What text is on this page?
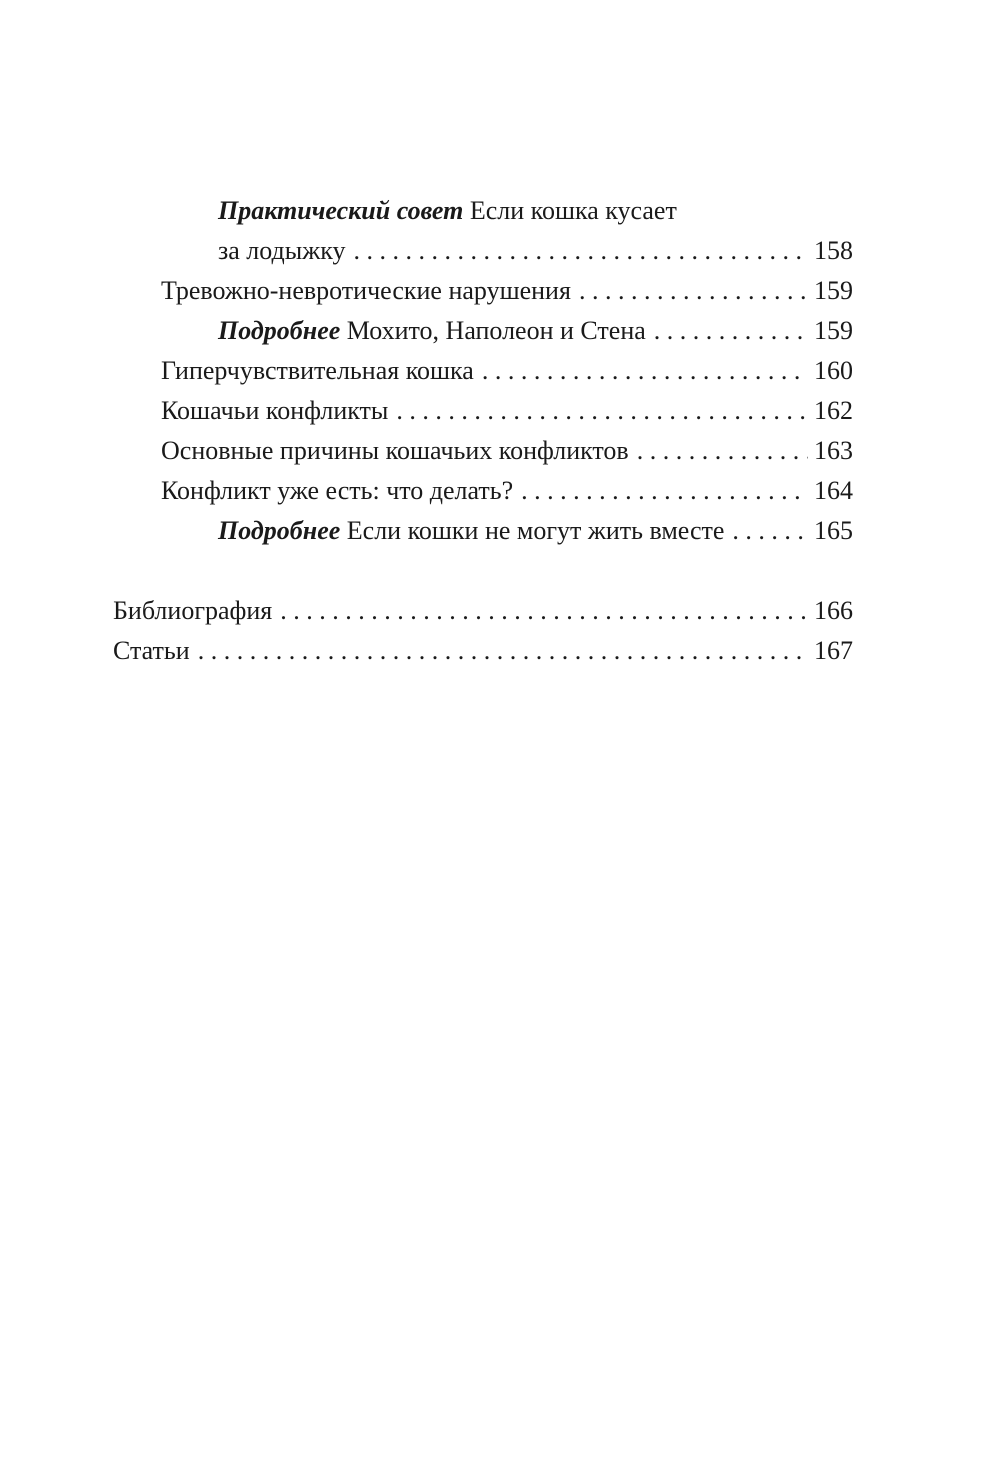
Практический совет Если кошка кусает
за лодыжку . . .	158
Тревожно-невротические нарушения . . .	159
Подробнее Мохито, Наполеон и Стена . . .	159
Гиперчувствительная кошка . . .	160
Кошачьи конфликты . . .	162
Основные причины кошачьих конфликтов . . .	163
Конфликт уже есть: что делать? . . .	164
Подробнее Если кошки не могут жить вместе . . .	165
Библиография . . .	166
Статьи . . .	167
